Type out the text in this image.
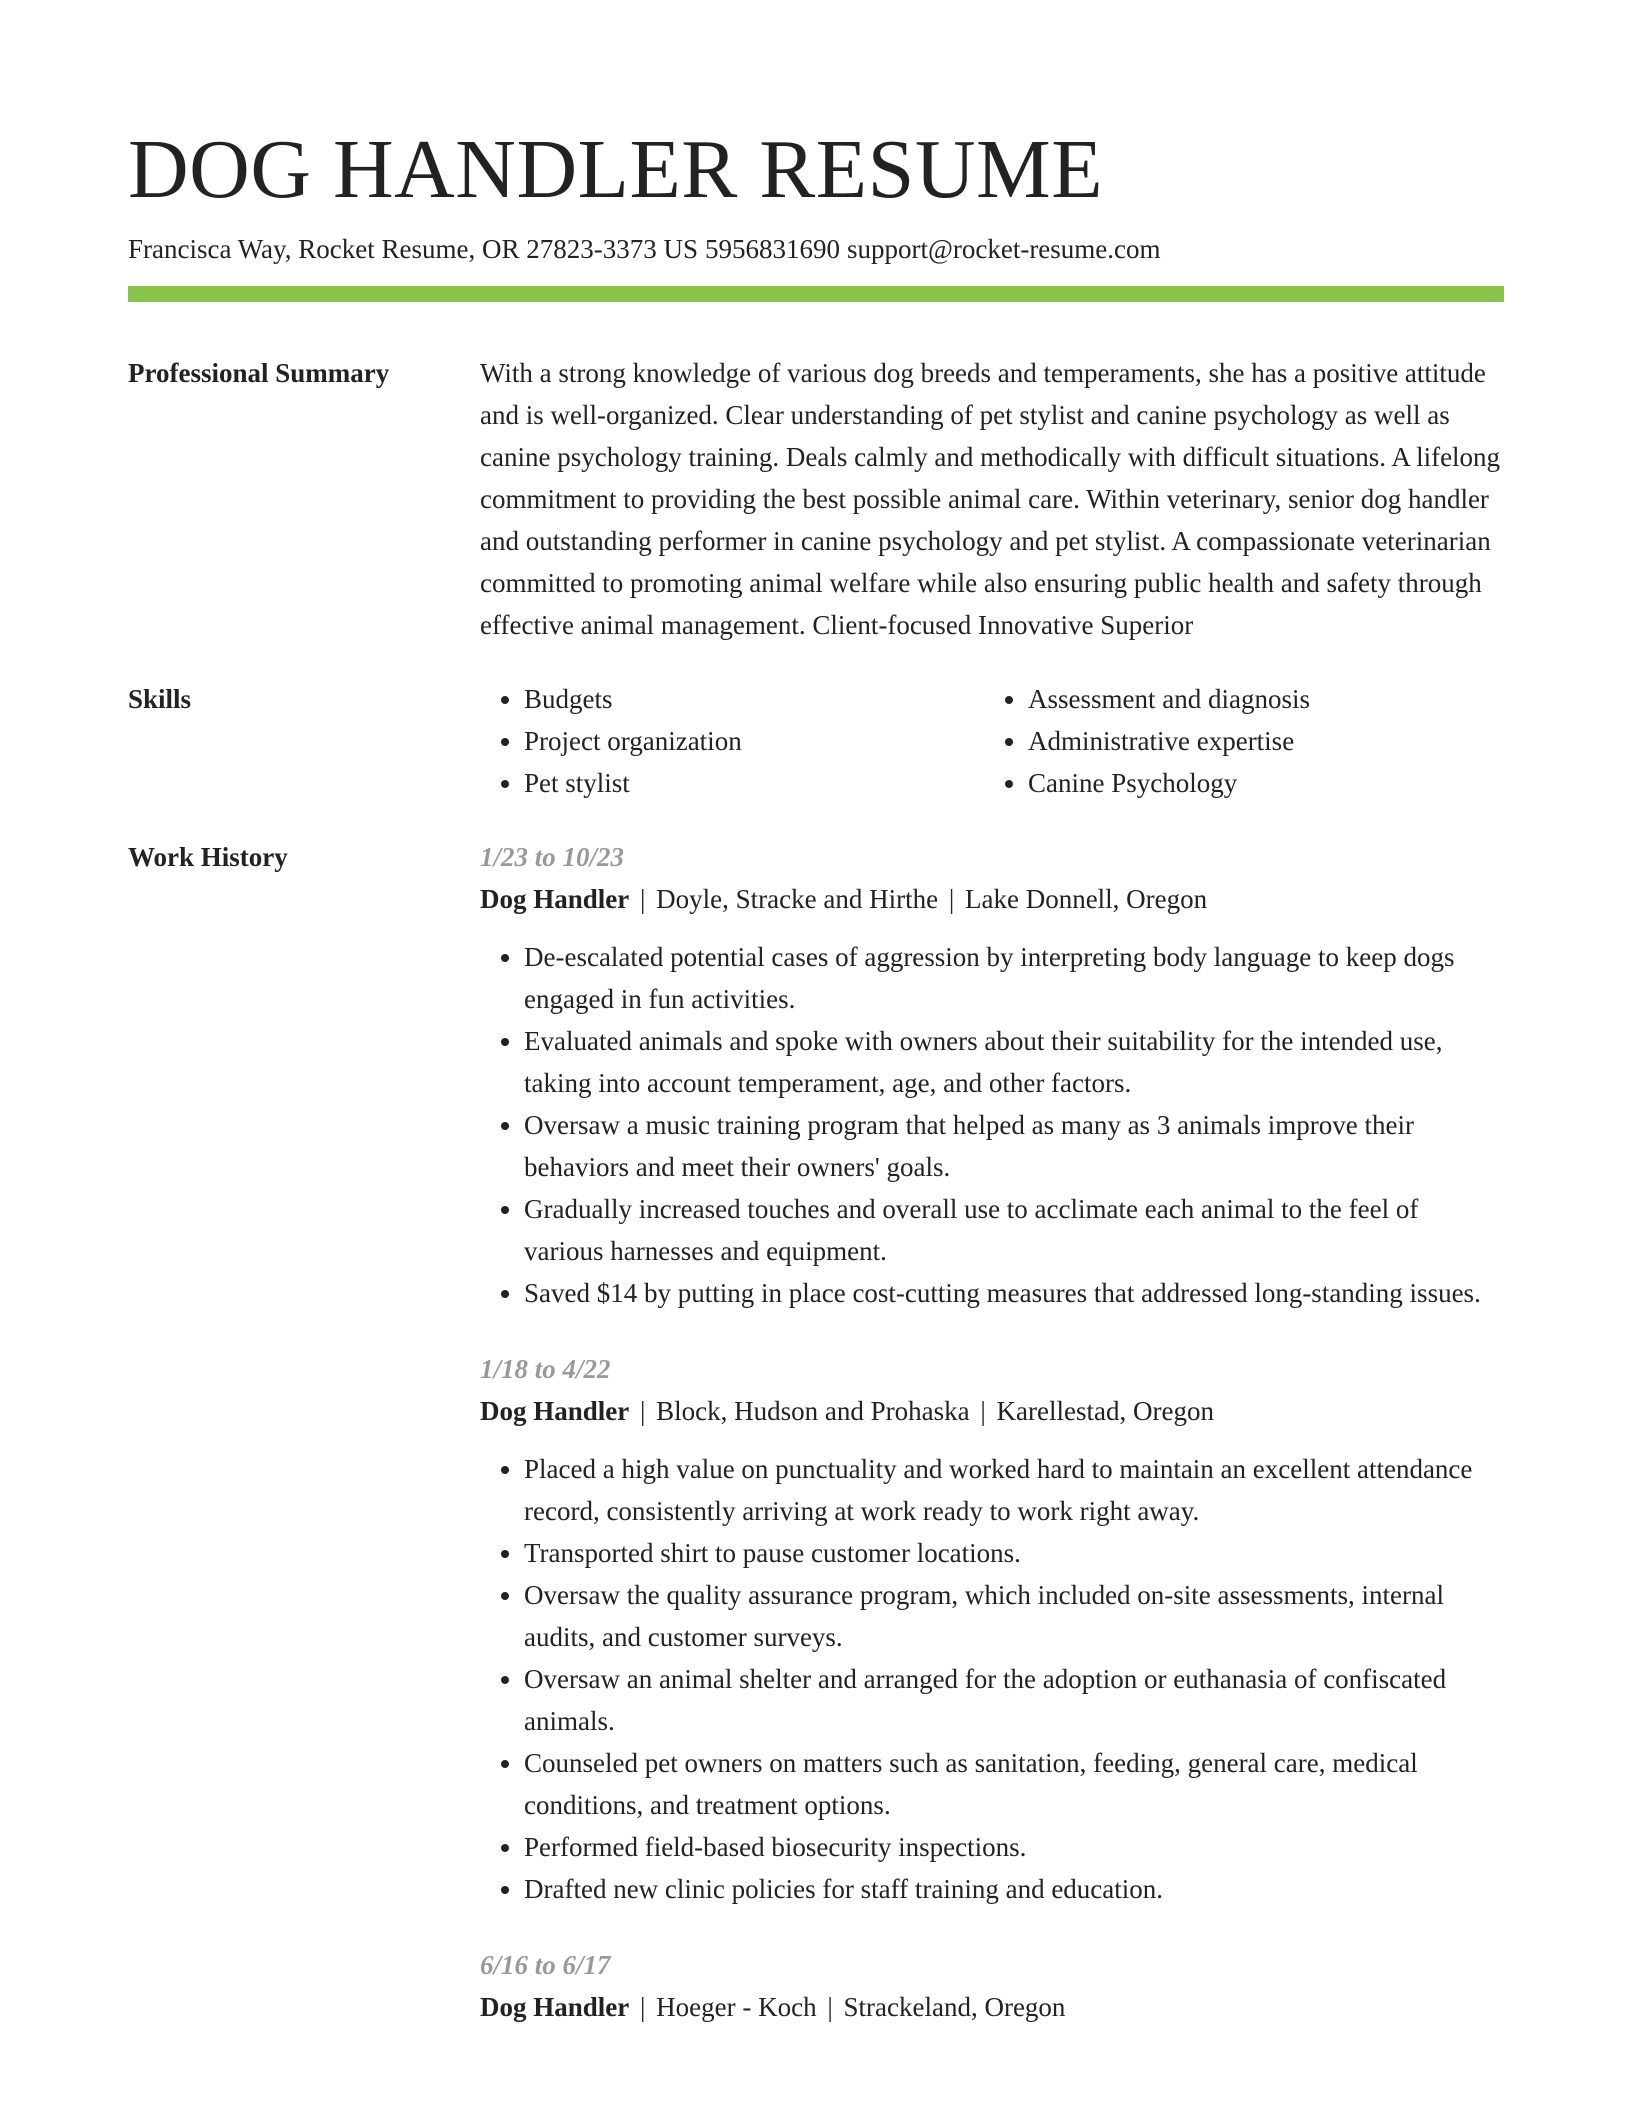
DOG HANDLER RESUME
Francisca Way, Rocket Resume, OR 27823-3373 US 5956831690 support@rocket-resume.com
Professional Summary	With a strong knowledge of various dog breeds and temperaments, she has a positive attitude and is well-organized. Clear understanding of pet stylist and canine psychology as well as canine psychology training. Deals calmly and methodically with difficult situations. A lifelong commitment to providing the best possible animal care. Within veterinary, senior dog handler and outstanding performer in canine psychology and pet stylist. A compassionate veterinarian committed to promoting animal welfare while also ensuring public health and safety through effective animal management. Client-focused Innovative Superior

Skills
•	Budgets
• Project organization
• Pet stylist
• Assessment and diagnosis
• Administrative expertise
• Canine Psychology
Work History	1/23 to 10/23
Dog Handler | Doyle, Stracke and Hirthe | Lake Donnell, Oregon
• De-escalated potential cases of aggression by interpreting body language to keep dogs engaged in fun activities.
• Evaluated animals and spoke with owners about their suitability for the intended use, taking into account temperament, age, and other factors.
• Oversaw a music training program that helped as many as 3 animals improve their behaviors and meet their owners' goals.
• Gradually increased touches and overall use to acclimate each animal to the feel of various harnesses and equipment.
• Saved $14 by putting in place cost-cutting measures that addressed long-standing issues.
1/18 to 4/22
Dog Handler | Block, Hudson and Prohaska | Karellestad, Oregon
• Placed a high value on punctuality and worked hard to maintain an excellent attendance record, consistently arriving at work ready to work right away.
• Transported shirt to pause customer locations.
• Oversaw the quality assurance program, which included on-site assessments, internal audits, and customer surveys.
• Oversaw an animal shelter and arranged for the adoption or euthanasia of confiscated animals.
• Counseled pet owners on matters such as sanitation, feeding, general care, medical conditions, and treatment options.
• Performed field-based biosecurity inspections.
• Drafted new clinic policies for staff training and education.
6/16 to 6/17
Dog Handler | Hoeger - Koch | Strackeland, Oregon
